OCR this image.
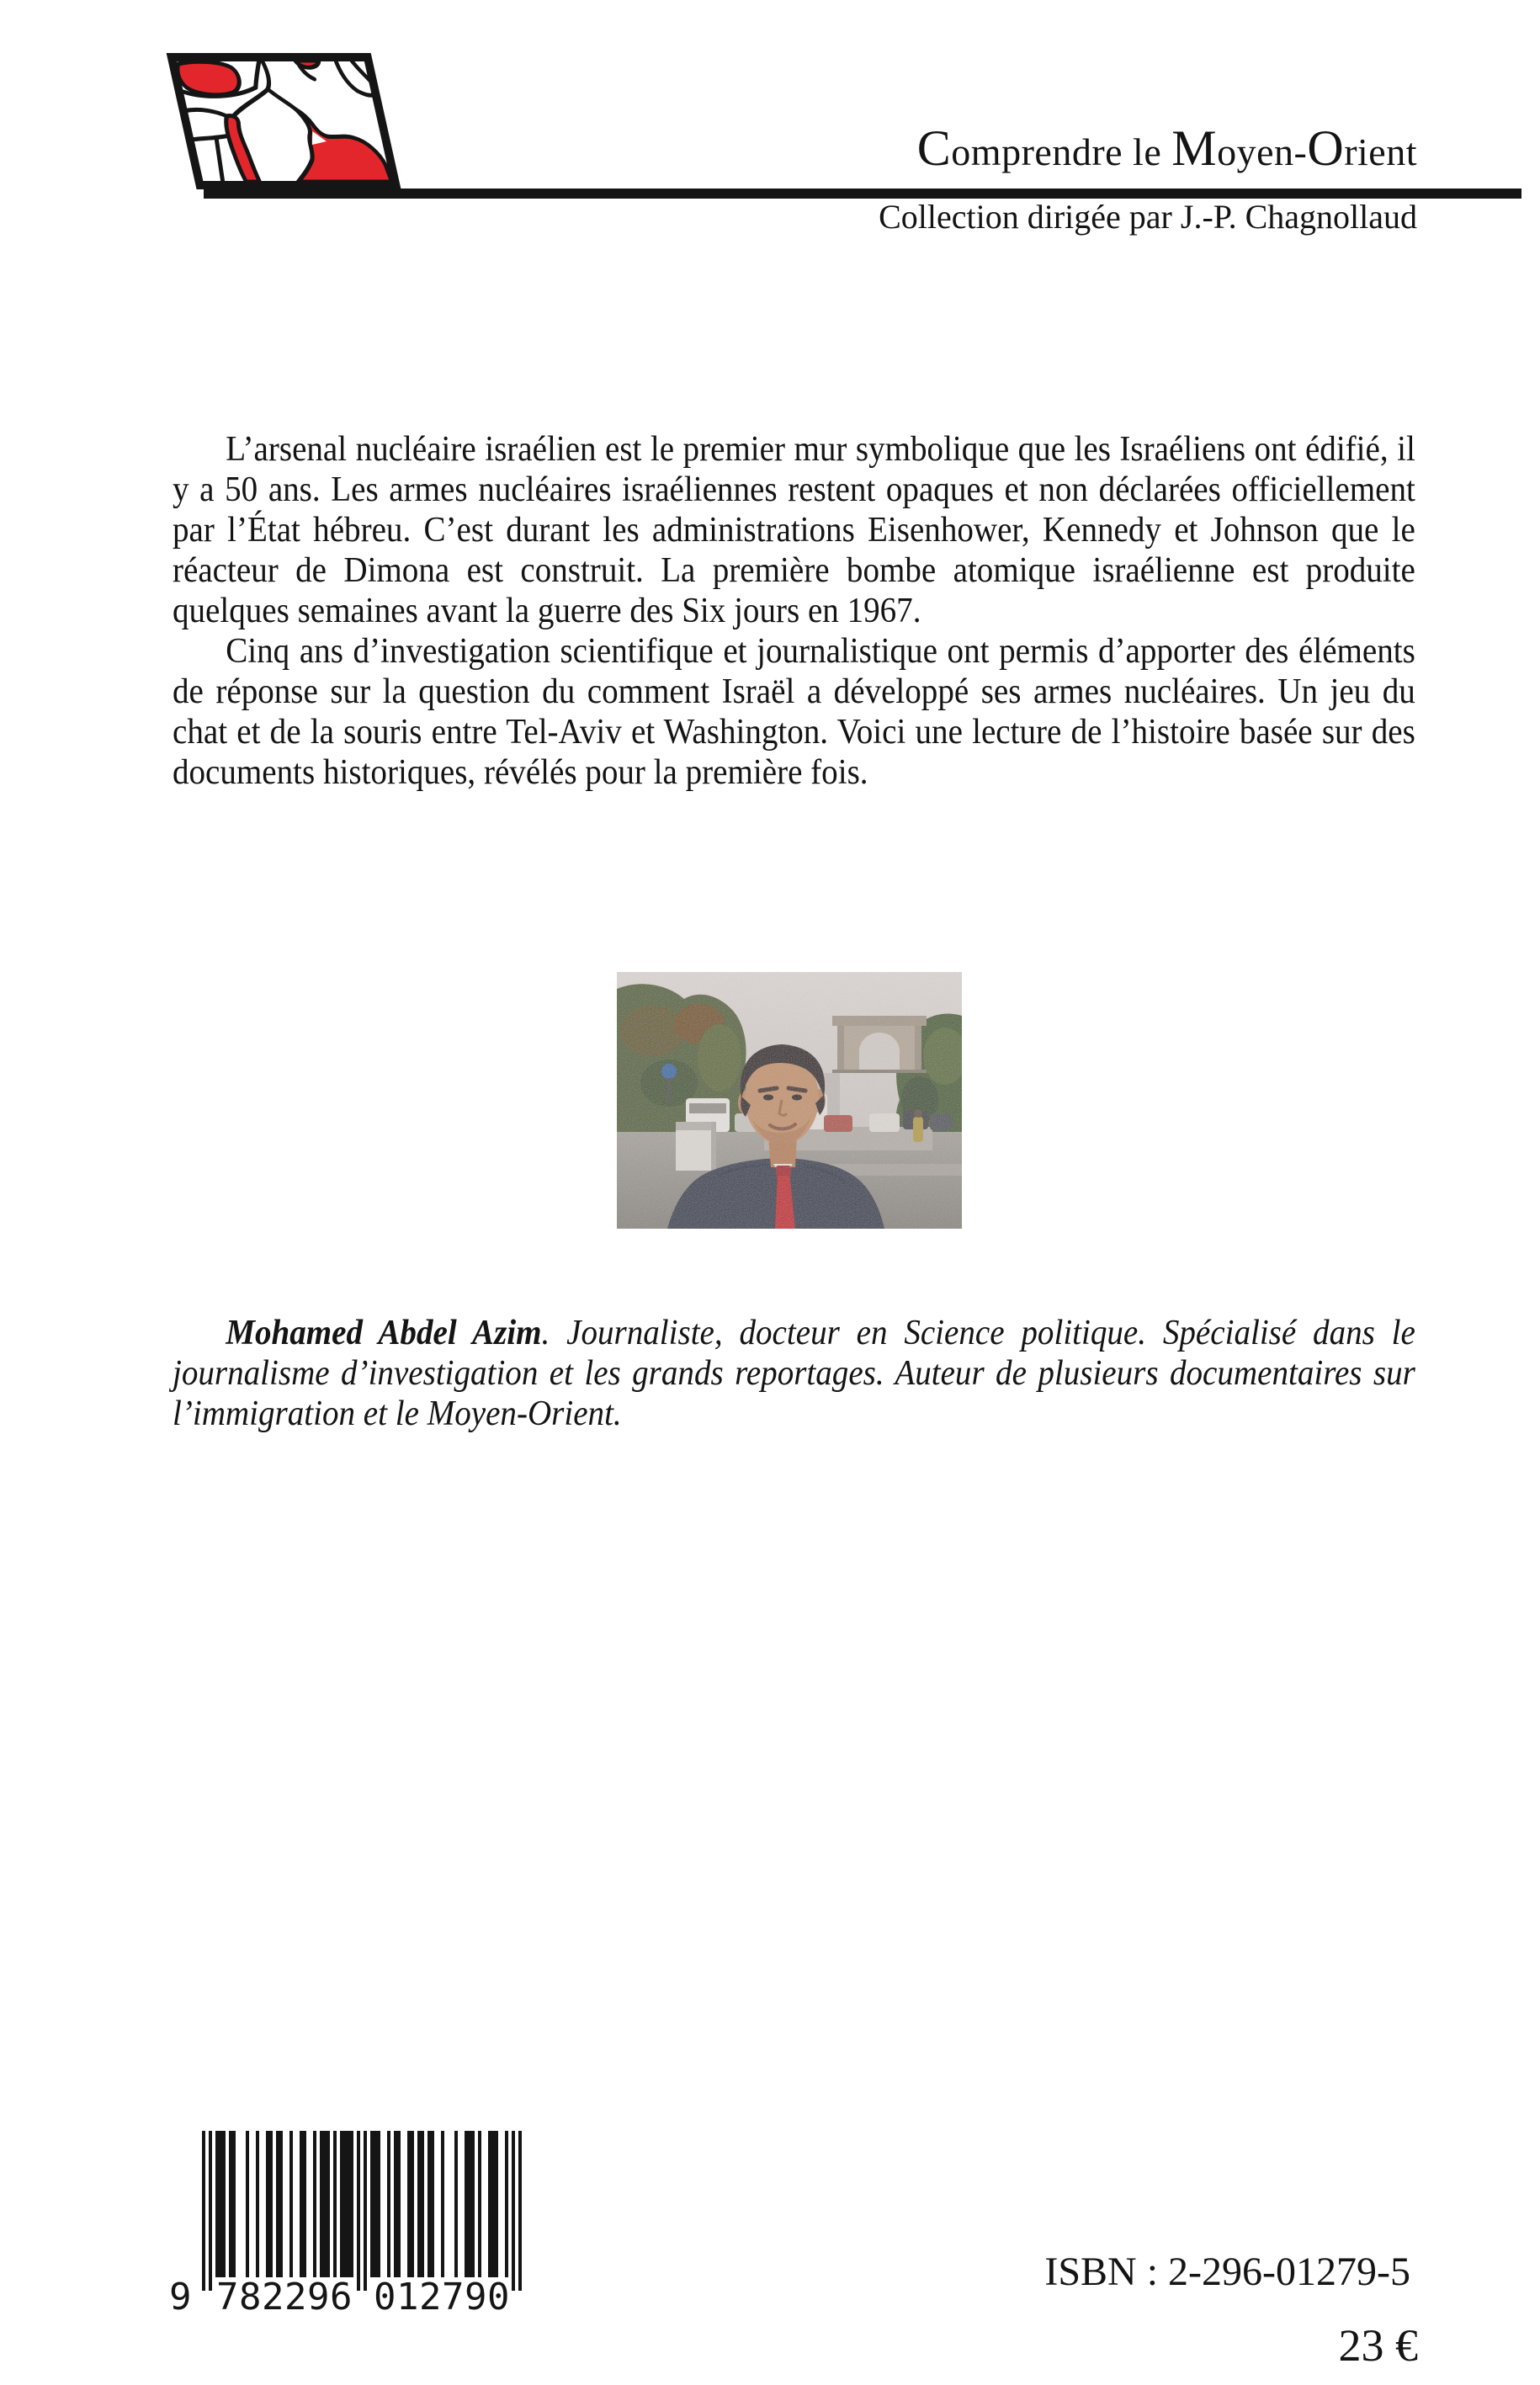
Comprendre le Moyen-Orient
Collection dirigée par J.-P. Chagnollaud

L’arsenal nucléaire israélien est le premier mur symbolique que les Israéliens ont édifié, il y a 50 ans. Les armes nucléaires israéliennes restent opaques et non déclarées officiellement par l’État hébreu. C’est durant les administrations Eisenhower, Kennedy et Johnson que le réacteur de Dimona est construit. La première bombe atomique israélienne est produite quelques semaines avant la guerre des Six jours en 1967.

Cinq ans d’investigation scientifique et journalistique ont permis d’apporter des éléments de réponse sur la question du comment Israël a développé ses armes nucléaires. Un jeu du chat et de la souris entre Tel-Aviv et Washington. Voici une lecture de l’histoire basée sur des documents historiques, révélés pour la première fois.

Mohamed Abdel Azim. Journaliste, docteur en Science politique. Spécialisé dans le journalisme d’investigation et les grands reportages. Auteur de plusieurs documentaires sur l’immigration et le Moyen-Orient.

9 782296 012790
ISBN : 2-296-01279-5
23 €
